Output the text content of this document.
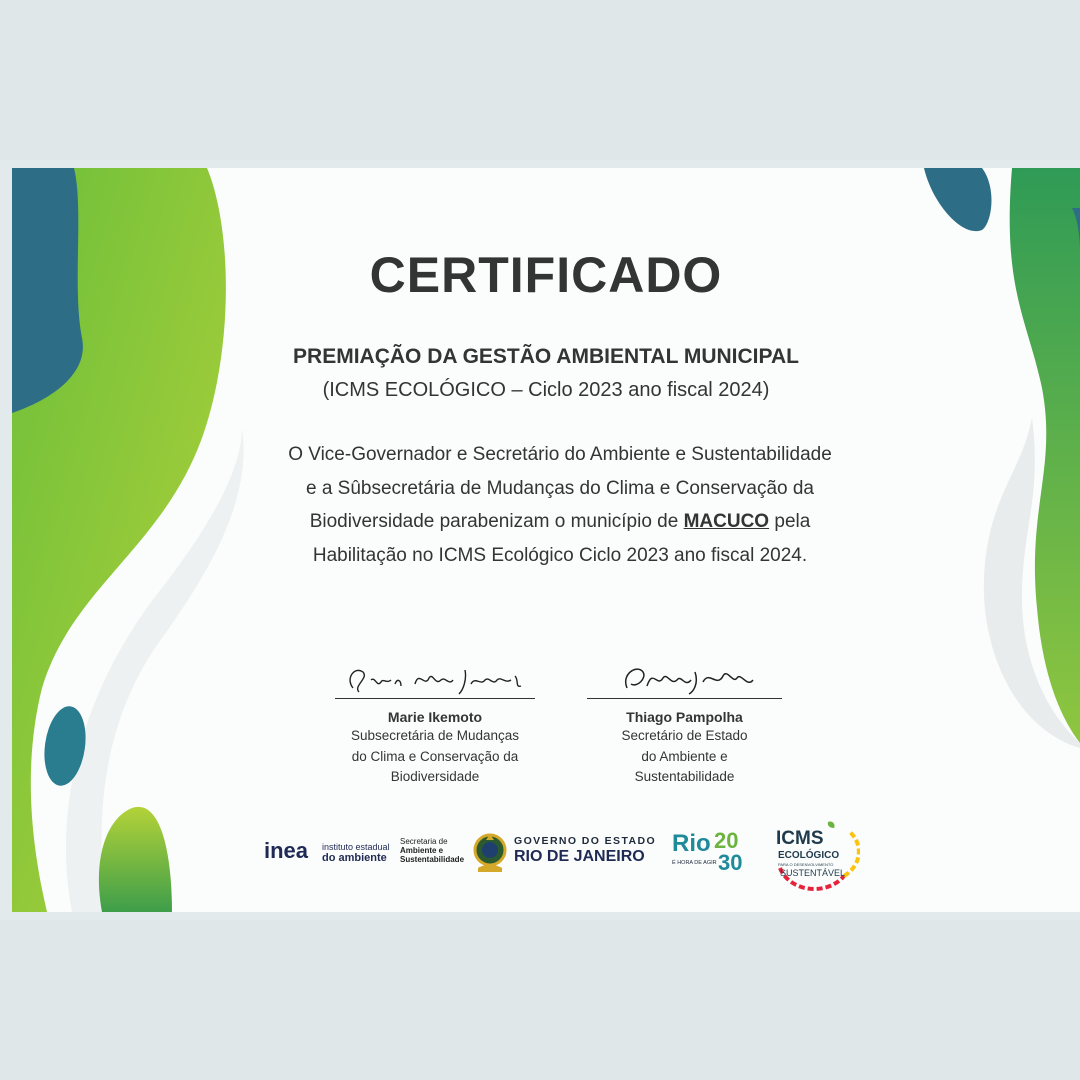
CERTIFICADO
PREMIAÇÃO DA GESTÃO AMBIENTAL MUNICIPAL
(ICMS ECOLÓGICO – Ciclo 2023 ano fiscal 2024)
O Vice-Governador e Secretário do Ambiente e Sustentabilidade
e a Sûbsecretária de Mudanças do Clima e Conservação da
Biodiversidade parabenizam o município de MACUCO pela
Habilitação no ICMS Ecológico Ciclo 2023 ano fiscal 2024.
Marie Ikemoto
Subsecretária de Mudanças
do Clima e Conservação da
Biodiversidade
Thiago Pampolha
Secretário de Estado
do Ambiente e
Sustentabilidade
inea instituto estadual
do ambiente
Secretaria de
Ambiente e
Sustentabilidade
GOVERNO DO ESTADO
RIO DE JANEIRO Rio 20
É HORA DE AGIR 30
ICMS
ECOLÓGICO
PARA O DESENVOLVIMENTO
SUSTENTÁVEL
